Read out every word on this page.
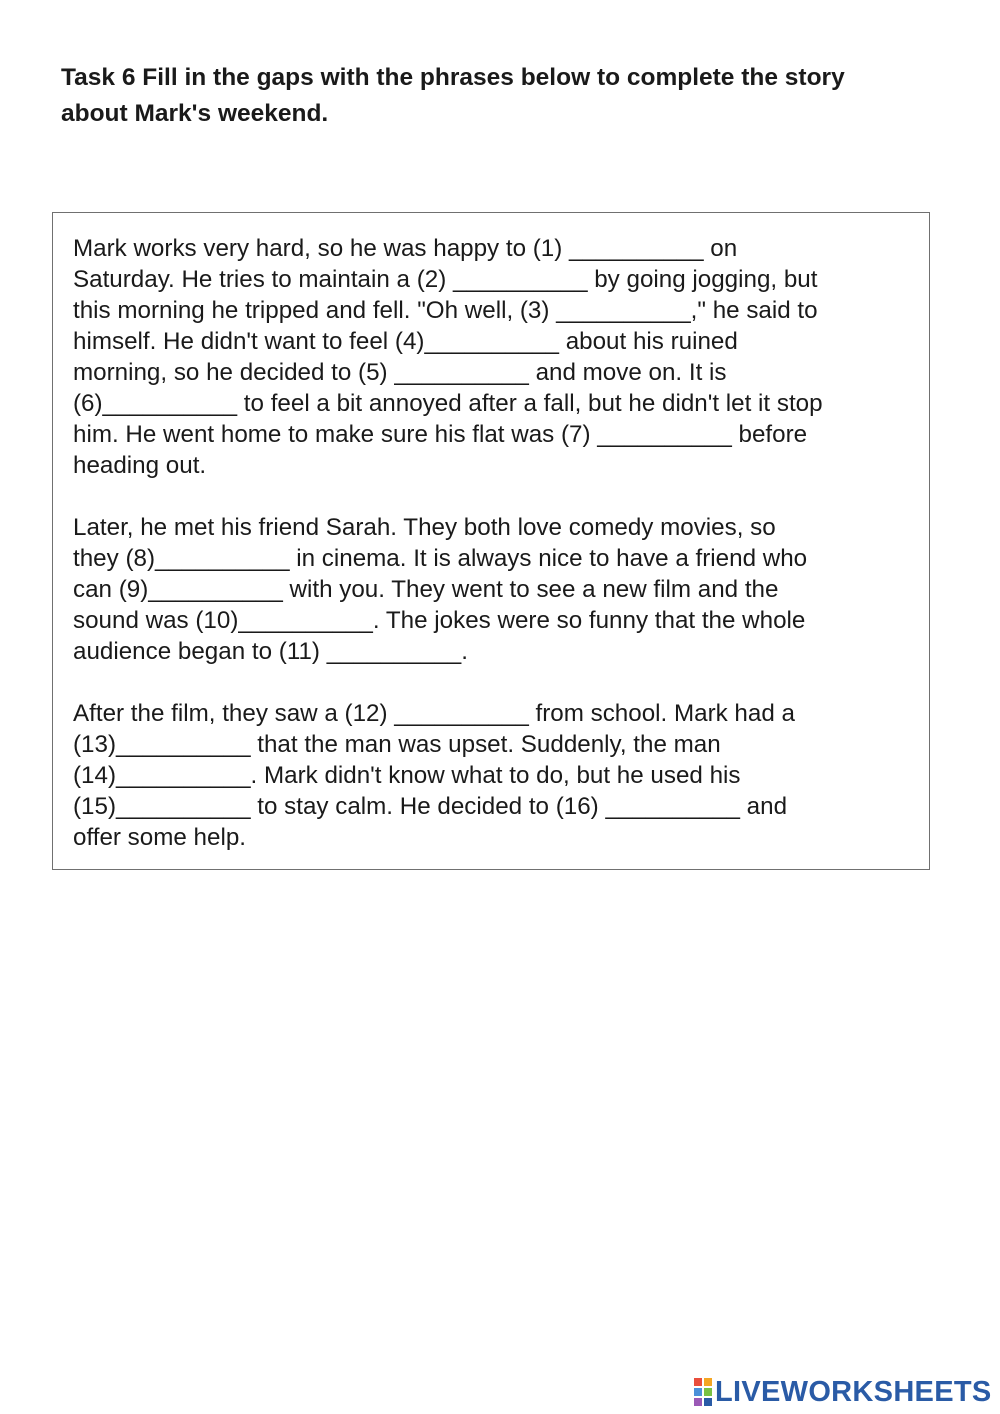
Task 6 Fill in the gaps with the phrases below to complete the story
about Mark's weekend.
Mark works very hard, so he was happy to (1) __________ on
Saturday. He tries to maintain a (2) __________ by going jogging, but
this morning he tripped and fell. "Oh well, (3) __________," he said to
himself. He didn't want to feel (4)__________ about his ruined
morning, so he decided to (5) __________ and move on. It is
(6)__________ to feel a bit annoyed after a fall, but he didn't let it stop
him. He went home to make sure his flat was (7) __________ before
heading out.
Later, he met his friend Sarah. They both love comedy movies, so
they (8)__________ in cinema. It is always nice to have a friend who
can (9)__________ with you. They went to see a new film and the
sound was (10)__________. The jokes were so funny that the whole
audience began to (11) __________.
After the film, they saw a (12) __________ from school. Mark had a
(13)__________ that the man was upset. Suddenly, the man
(14)__________. Mark didn't know what to do, but he used his
(15)__________ to stay calm. He decided to (16) __________ and
offer some help.
LIVEWORKSHEETS
